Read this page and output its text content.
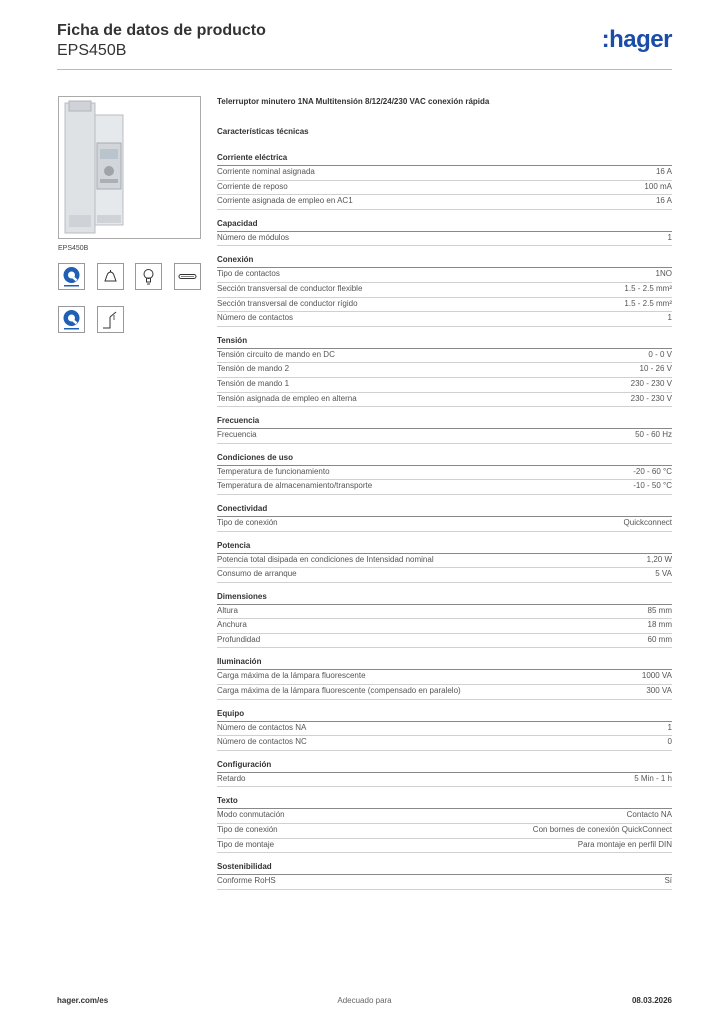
Ficha de datos de producto
EPS450B	:hager
EPS450B
Telerruptor minutero 1NA Multitensión 8/12/24/230 VAC conexión rápida
Características técnicas
Corriente eléctrica
Corriente nominal asignada	16 A
Corriente de reposo	100 mA
Corriente asignada de empleo en AC1	16 A
Capacidad
Número de módulos	1
Conexión
Tipo de contactos	1NO
Sección transversal de conductor flexible	1.5 - 2.5 mm²
Sección transversal de conductor rígido	1.5 - 2.5 mm²
Número de contactos	1
Tensión
Tensión circuito de mando en DC	0 - 0 V
Tensión de mando 2	10 - 26 V
Tensión de mando 1	230 - 230 V
Tensión asignada de empleo en alterna	230 - 230 V
Frecuencia
Frecuencia	50 - 60 Hz
Condiciones de uso
Temperatura de funcionamiento	-20 - 60 °C
Temperatura de almacenamiento/transporte	-10 - 50 °C
Conectividad
Tipo de conexión	Quickconnect
Potencia
Potencia total disipada en condiciones de Intensidad nominal	1,20 W
Consumo de arranque	5 VA
Dimensiones
Altura	85 mm
Anchura	18 mm
Profundidad	60 mm
Iluminación
Carga máxima de la lámpara fluorescente	1000 VA
Carga máxima de la lámpara fluorescente (compensado en paralelo)	300 VA
Equipo
Número de contactos NA	1
Número de contactos NC	0
Configuración
Retardo	5 Min - 1 h
Texto
Modo conmutación	Contacto NA
Tipo de conexión	Con bornes de conexión QuickConnect
Tipo de montaje	Para montaje en perfil DIN
Sostenibilidad
Conforme RoHS	Sí
hager.com/es	Adecuado para	08.03.2026
